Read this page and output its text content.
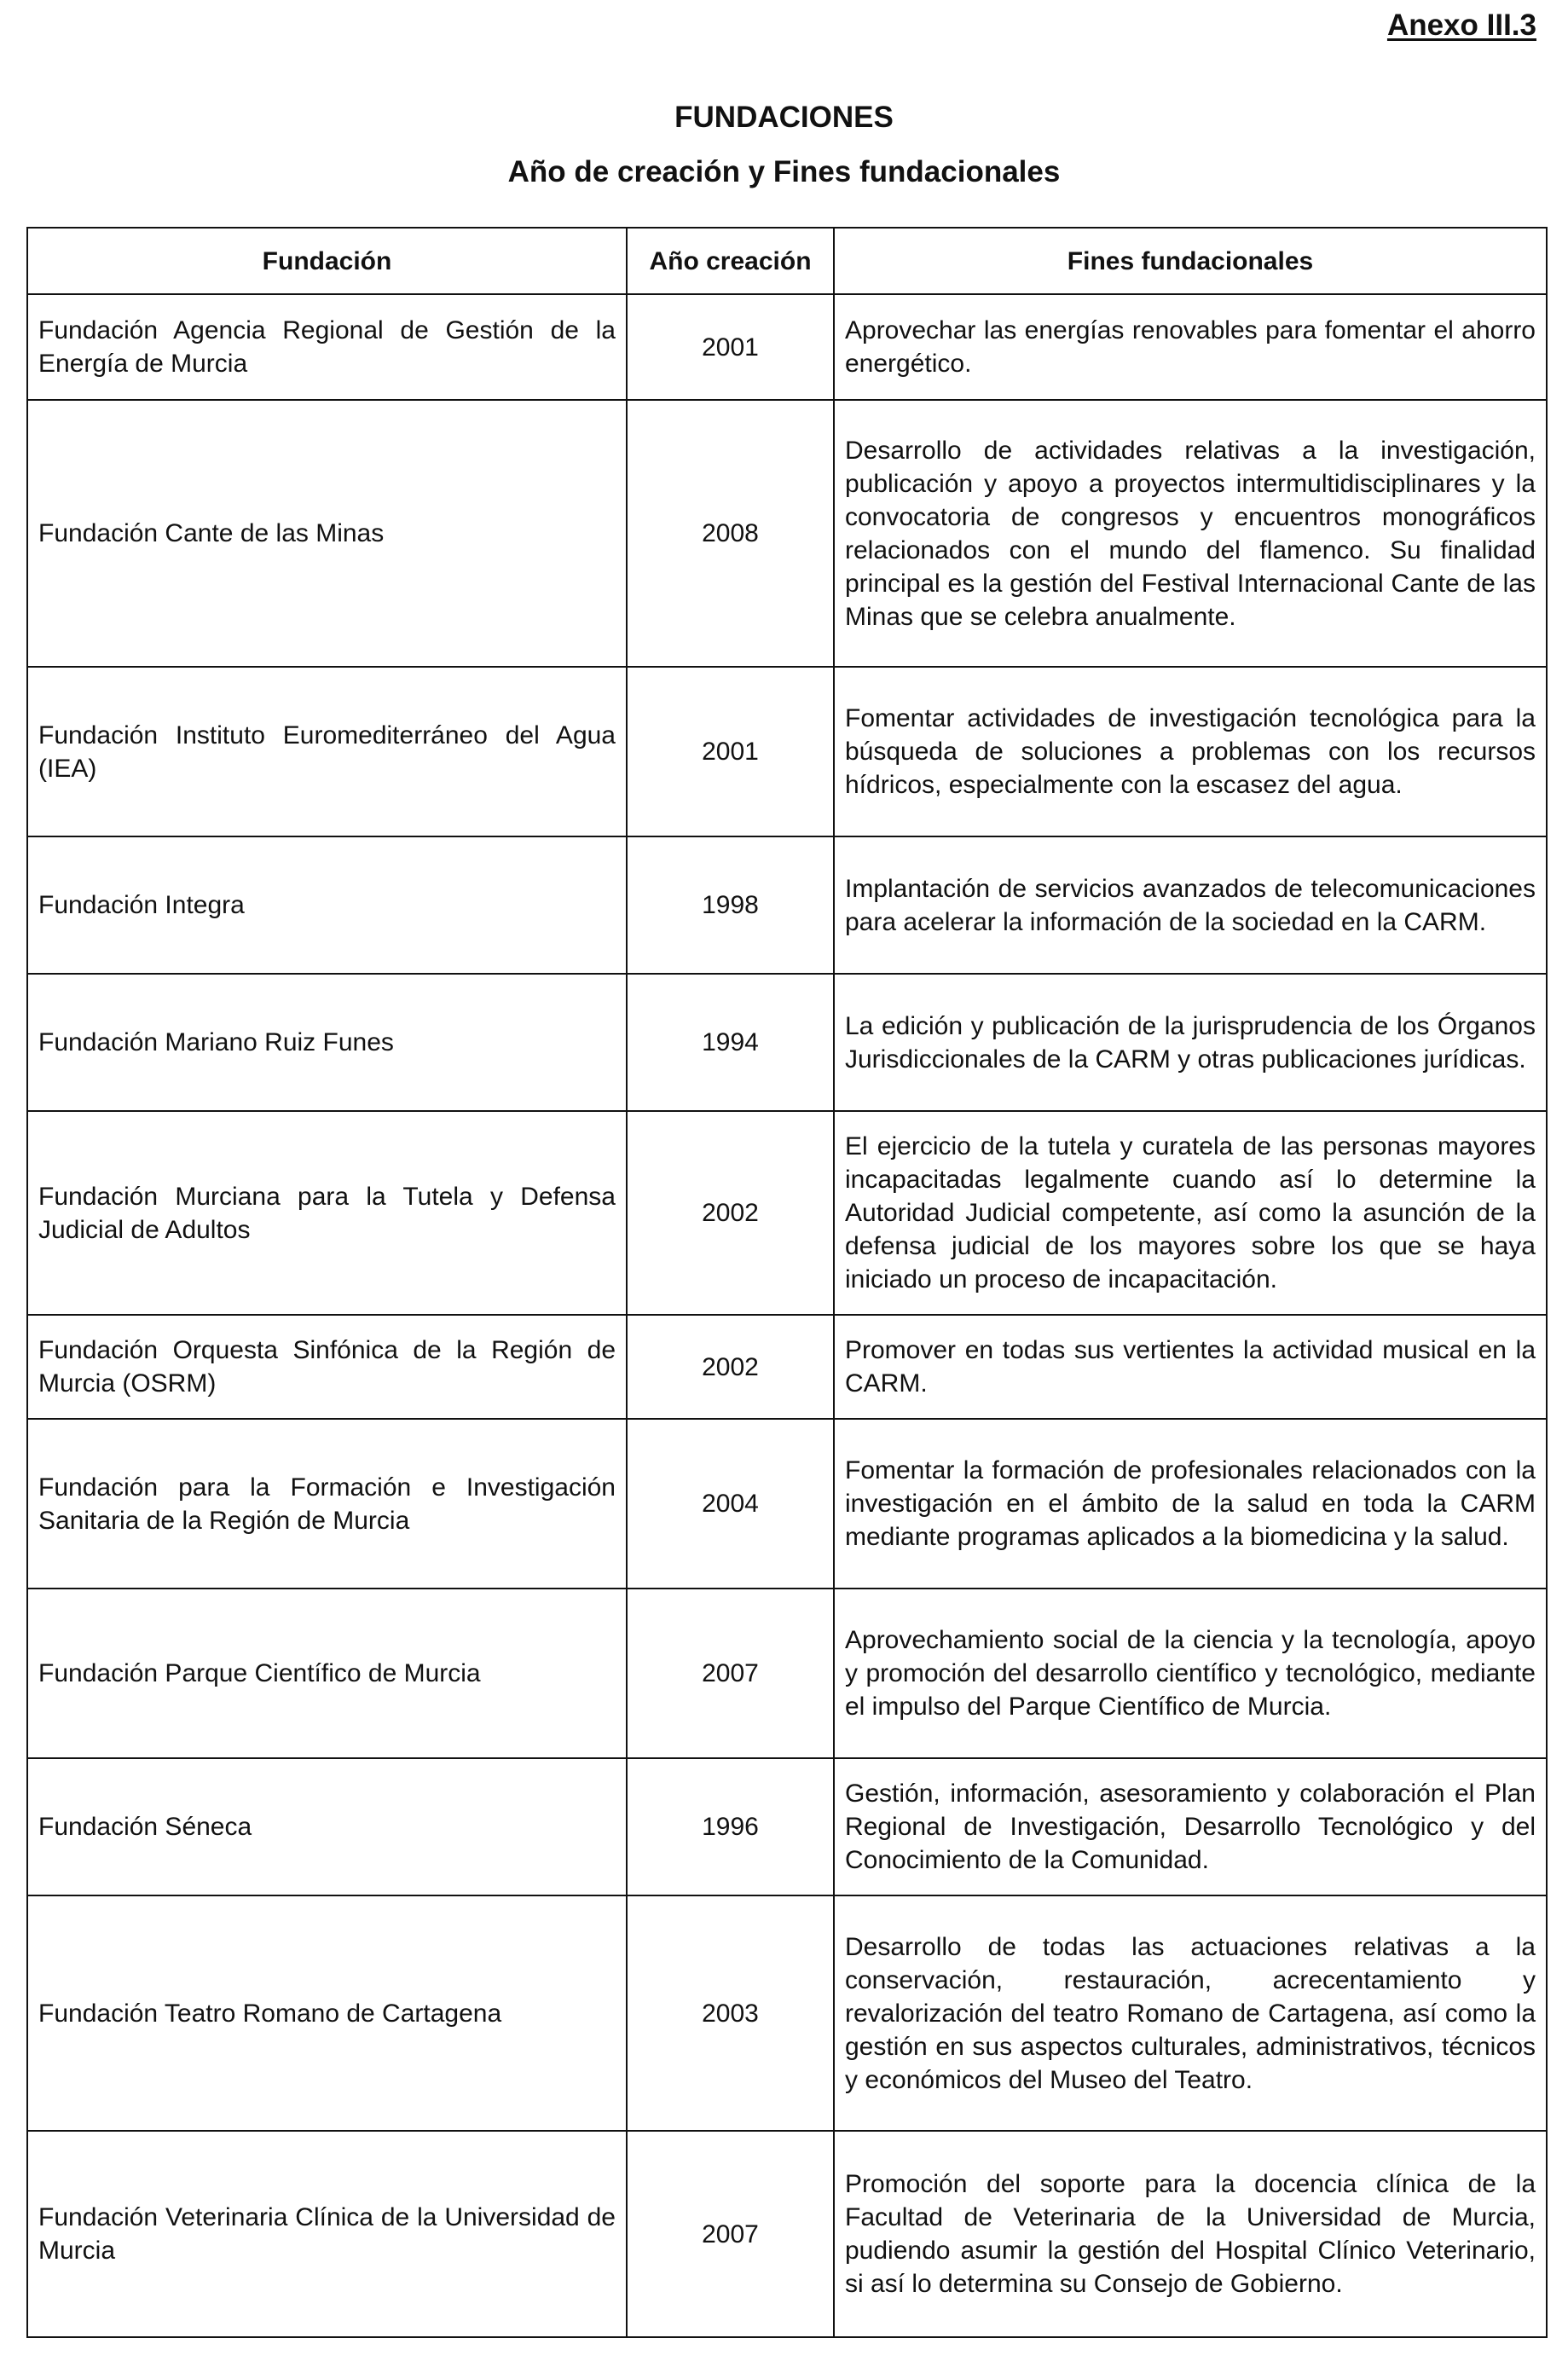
Anexo III.3
FUNDACIONES
Año de creación y Fines fundacionales
Fundación	Año creación	Fines fundacionales
Fundación Agencia Regional de Gestión de la Energía de Murcia	2001	Aprovechar las energías renovables para fomentar el ahorro energético.
Fundación Cante de las Minas	2008	Desarrollo de actividades relativas a la investigación, publicación y apoyo a proyectos intermultidisciplinares y la convocatoria de congresos y encuentros monográficos relacionados con el mundo del flamenco. Su finalidad principal es la gestión del Festival Internacional Cante de las Minas que se celebra anualmente.
Fundación Instituto Euromediterráneo del Agua (IEA)	2001	Fomentar actividades de investigación tecnológica para la búsqueda de soluciones a problemas con los recursos hídricos, especialmente con la escasez del agua.
Fundación Integra	1998	Implantación de servicios avanzados de telecomunicaciones para acelerar la información de la sociedad en la CARM.
Fundación Mariano Ruiz Funes	1994	La edición y publicación de la jurisprudencia de los Órganos Jurisdiccionales de la CARM y otras publicaciones jurídicas.
Fundación Murciana para la Tutela y Defensa Judicial de Adultos	2002	El ejercicio de la tutela y curatela de las personas mayores incapacitadas legalmente cuando así lo determine la Autoridad Judicial competente, así como la asunción de la defensa judicial de los mayores sobre los que se haya iniciado un proceso de incapacitación.
Fundación Orquesta Sinfónica de la Región de Murcia (OSRM)	2002	Promover en todas sus vertientes la actividad musical en la CARM.
Fundación para la Formación e Investigación Sanitaria de la Región de Murcia	2004	Fomentar la formación de profesionales relacionados con la investigación en el ámbito de la salud en toda la CARM mediante programas aplicados a la biomedicina y la salud.
Fundación Parque Científico de Murcia	2007	Aprovechamiento social de la ciencia y la tecnología, apoyo y promoción del desarrollo científico y tecnológico, mediante el impulso del Parque Científico de Murcia.
Fundación Séneca	1996	Gestión, información, asesoramiento y colaboración el Plan Regional de Investigación, Desarrollo Tecnológico y del Conocimiento de la Comunidad.
Fundación Teatro Romano de Cartagena	2003	Desarrollo de todas las actuaciones relativas a la conservación, restauración, acrecentamiento y revalorización del teatro Romano de Cartagena, así como la gestión en sus aspectos culturales, administrativos, técnicos y económicos del Museo del Teatro.
Fundación Veterinaria Clínica de la Universidad de Murcia	2007	Promoción del soporte para la docencia clínica de la Facultad de Veterinaria de la Universidad de Murcia, pudiendo asumir la gestión del Hospital Clínico Veterinario, si así lo determina su Consejo de Gobierno.
